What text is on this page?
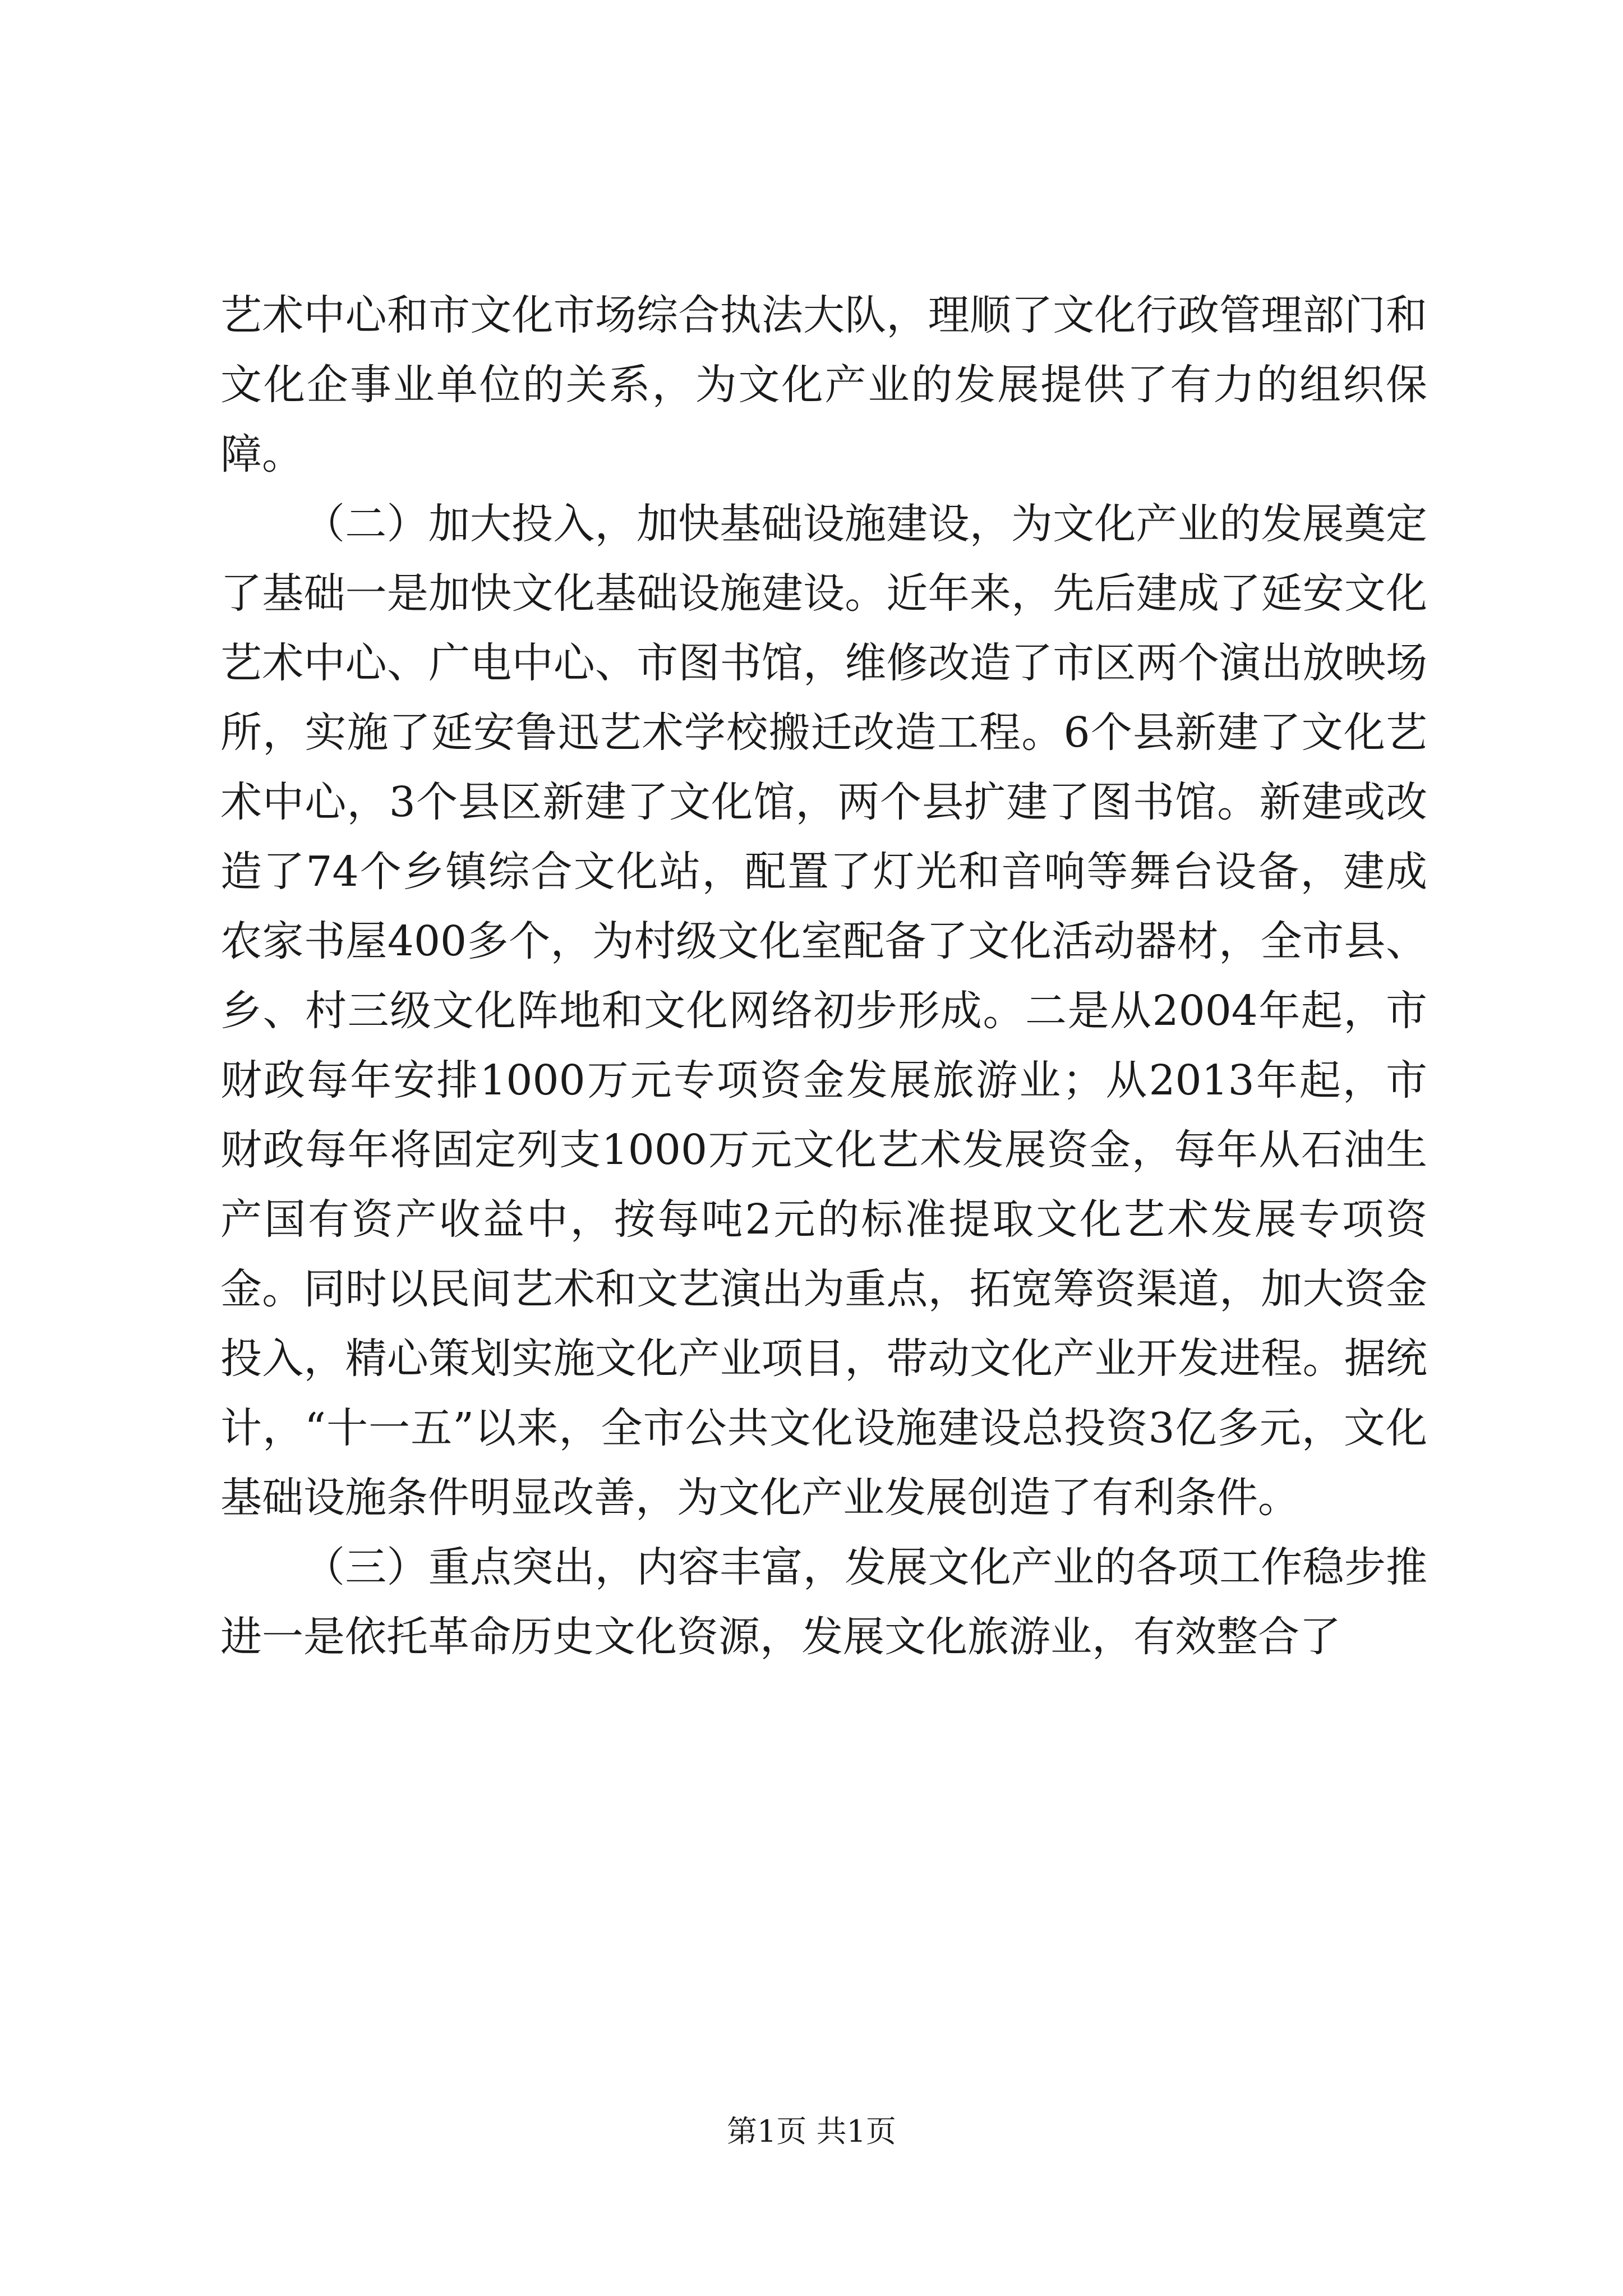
艺术中心和市文化市场综合执法大队，理顺了文化行政管理部门和文化企事业单位的关系，为文化产业的发展提供了有力的组织保障。

（二）加大投入，加快基础设施建设，为文化产业的发展奠定了基础一是加快文化基础设施建设。近年来，先后建成了延安文化艺术中心、广电中心、市图书馆，维修改造了市区两个演出放映场所，实施了延安鲁迅艺术学校搬迁改造工程。6个县新建了文化艺术中心，3个县区新建了文化馆，两个县扩建了图书馆。新建或改造了74个乡镇综合文化站，配置了灯光和音响等舞台设备，建成农家书屋400多个，为村级文化室配备了文化活动器材，全市县、乡、村三级文化阵地和文化网络初步形成。二是从2004年起，市财政每年安排1000万元专项资金发展旅游业；从2013年起，市财政每年将固定列支1000万元文化艺术发展资金，每年从石油生产国有资产收益中，按每吨2元的标准提取文化艺术发展专项资金。同时以民间艺术和文艺演出为重点，拓宽筹资渠道，加大资金投入，精心策划实施文化产业项目，带动文化产业开发进程。据统计，“十一五”以来，全市公共文化设施建设总投资3亿多元，文化基础设施条件明显改善，为文化产业发展创造了有利条件。

（三）重点突出，内容丰富，发展文化产业的各项工作稳步推进一是依托革命历史文化资源，发展文化旅游业，有效整合了

第1页 共1页
